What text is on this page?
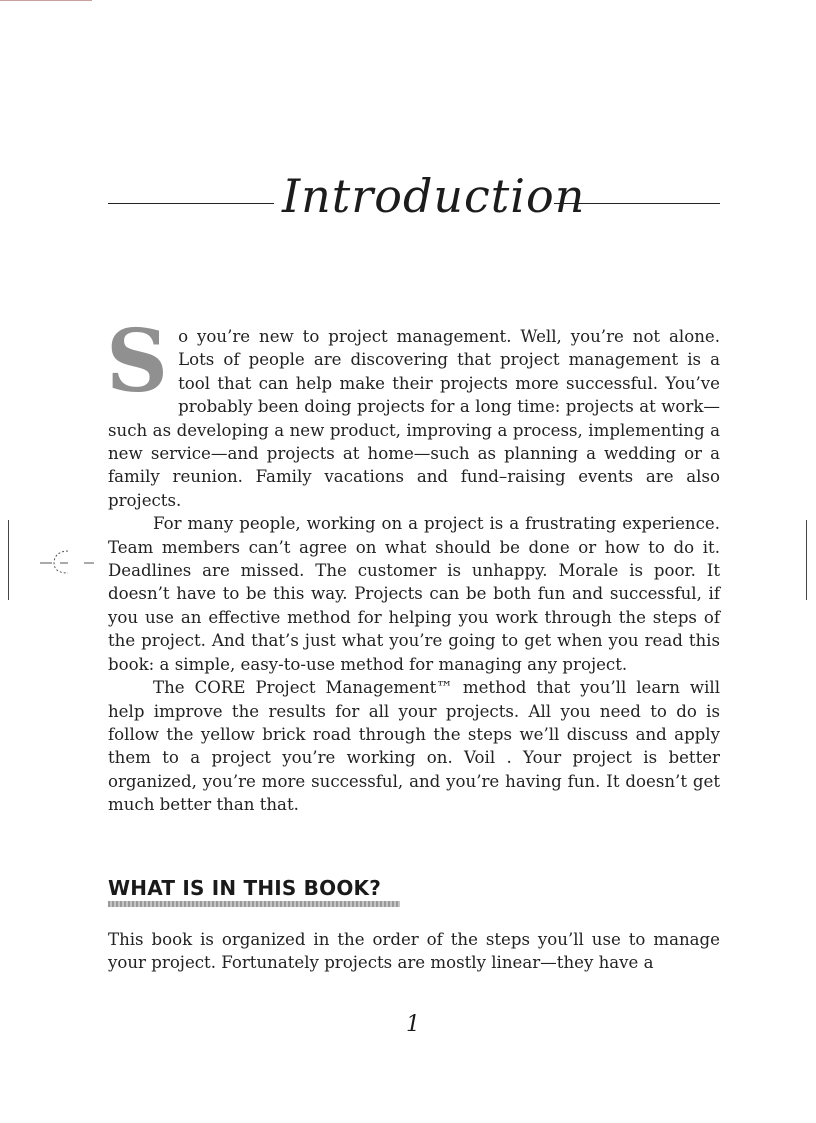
Introduction

So you’re new to project management. Well, you’re not alone. Lots of people are discovering that project management is a tool that can help make their projects more successful. You’ve probably been doing projects for a long time: projects at work—such as developing a new product, improving a process, implementing a new service—and projects at home—such as planning a wedding or a family reunion. Family vacations and fund–raising events are also projects.

For many people, working on a project is a frustrating experience. Team members can’t agree on what should be done or how to do it. Deadlines are missed. The customer is unhappy. Morale is poor. It doesn’t have to be this way. Projects can be both fun and successful, if you use an effective method for helping you work through the steps of the project. And that’s just what you’re going to get when you read this book: a simple, easy-to-use method for managing any project.

The CORE Project Management™ method that you’ll learn will help improve the results for all your projects. All you need to do is follow the yellow brick road through the steps we’ll discuss and apply them to a project you’re working on. Voil . Your project is better organized, you’re more successful, and you’re having fun. It doesn’t get much better than that.

WHAT IS IN THIS BOOK?

This book is organized in the order of the steps you’ll use to manage your project. Fortunately projects are mostly linear—they have a

1
